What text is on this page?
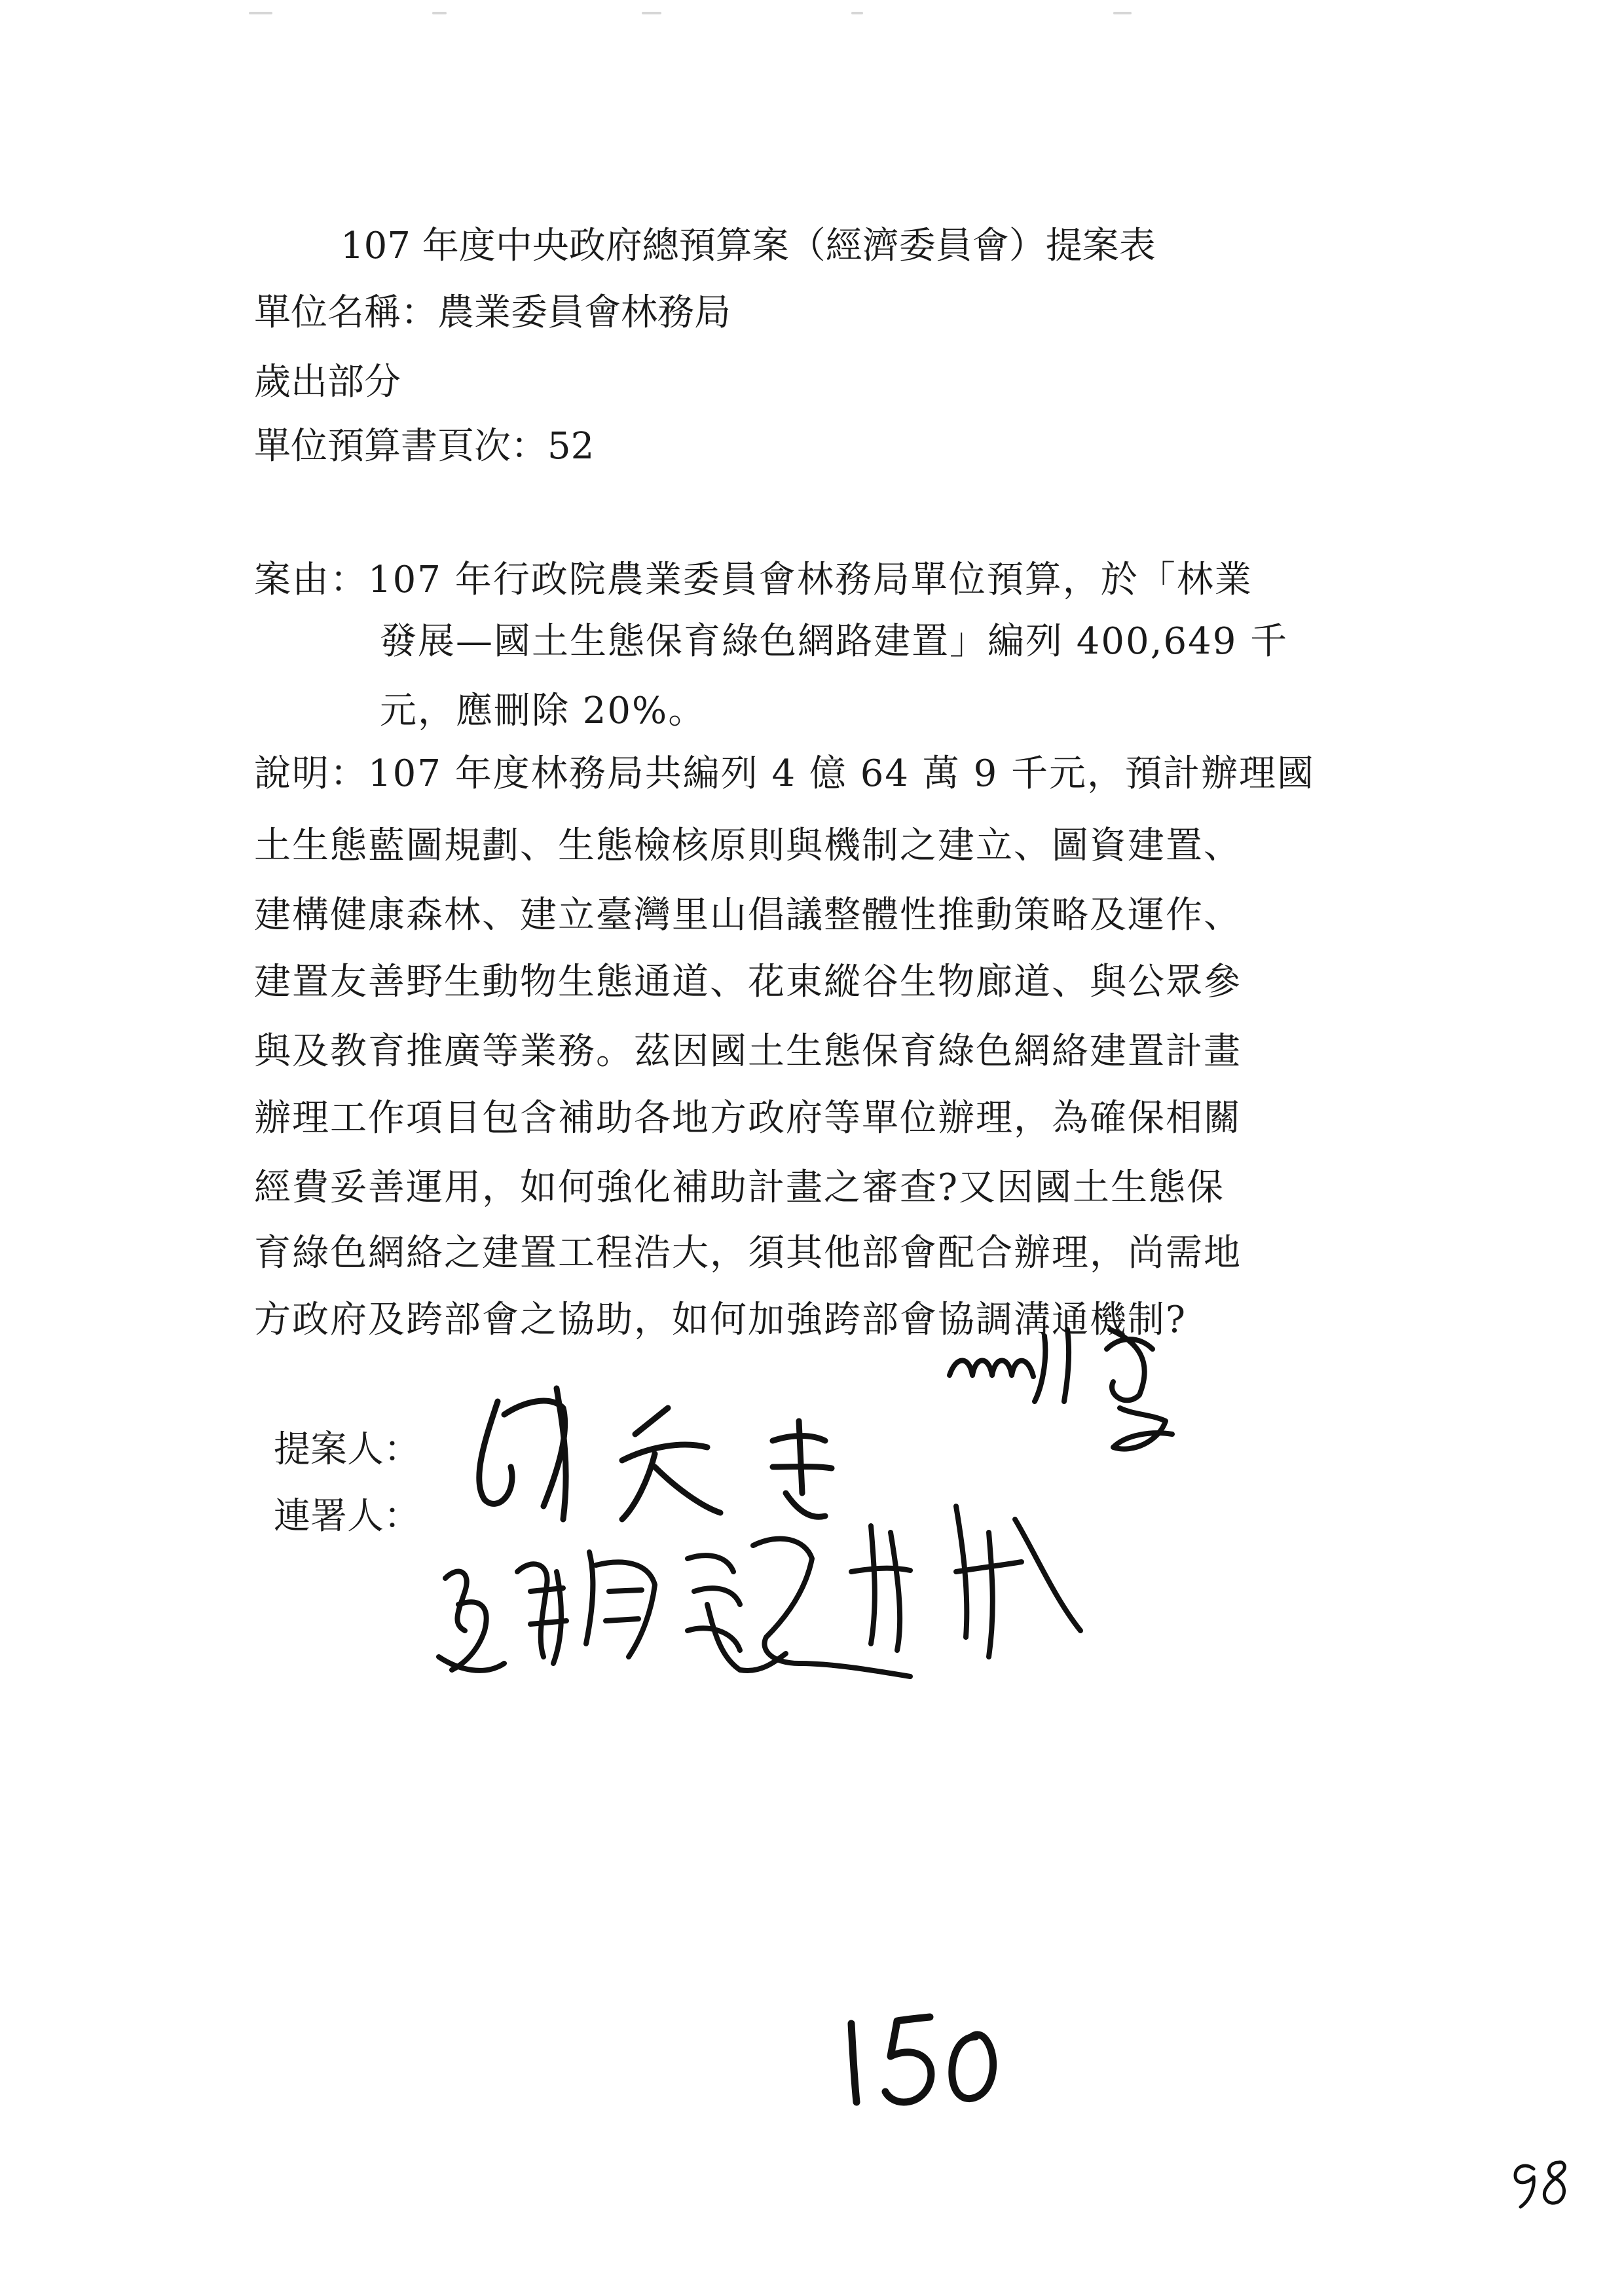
107 年度中央政府總預算案（經濟委員會）提案表
單位名稱：農業委員會林務局
歲出部分
單位預算書頁次：52
案由：107 年行政院農業委員會林務局單位預算，於「林業
發展—國土生態保育綠色網路建置」編列 400,649 千
元，應刪除 20%。
說明：107 年度林務局共編列 4 億 64 萬 9 千元，預計辦理國
土生態藍圖規劃、生態檢核原則與機制之建立、圖資建置、
建構健康森林、建立臺灣里山倡議整體性推動策略及運作、
建置友善野生動物生態通道、花東縱谷生物廊道、與公眾參
與及教育推廣等業務。茲因國土生態保育綠色網絡建置計畫
辦理工作項目包含補助各地方政府等單位辦理，為確保相關
經費妥善運用，如何強化補助計畫之審查?又因國土生態保
育綠色網絡之建置工程浩大，須其他部會配合辦理，尚需地
方政府及跨部會之協助，如何加強跨部會協調溝通機制?
提案人：
連署人：
